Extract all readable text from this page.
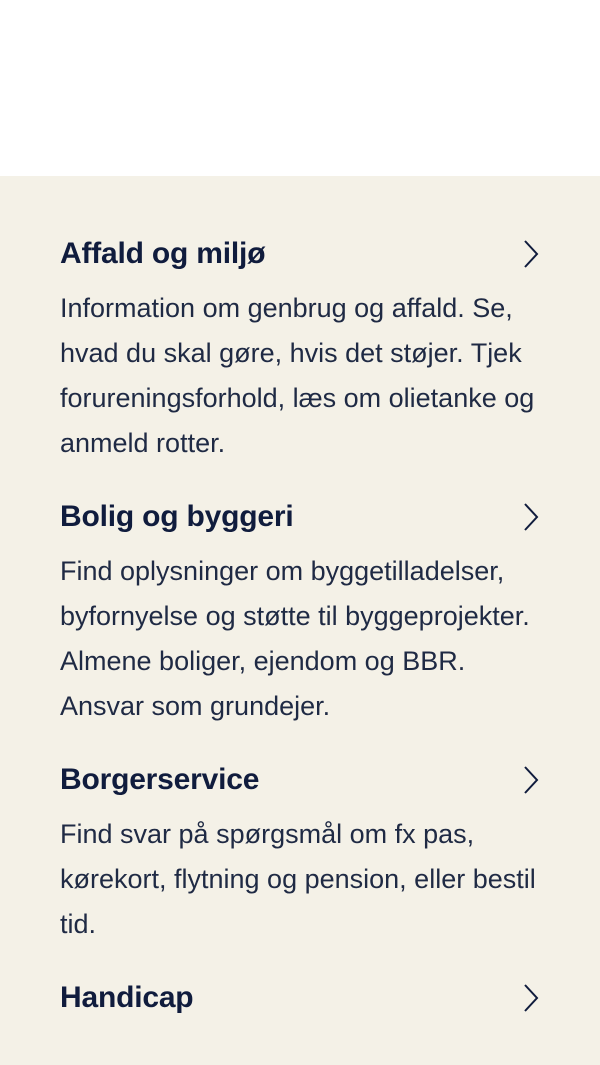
Affald og miljø
Information om genbrug og affald. Se, hvad du skal gøre, hvis det støjer. Tjek forureningsforhold, læs om olietanke og anmeld rotter.
Bolig og byggeri
Find oplysninger om byggetilladelser, byfornyelse og støtte til byggeprojekter. Almene boliger, ejendom og BBR. Ansvar som grundejer.
Borgerservice
Find svar på spørgsmål om fx pas, kørekort, flytning og pension, eller bestil tid.
Handicap
